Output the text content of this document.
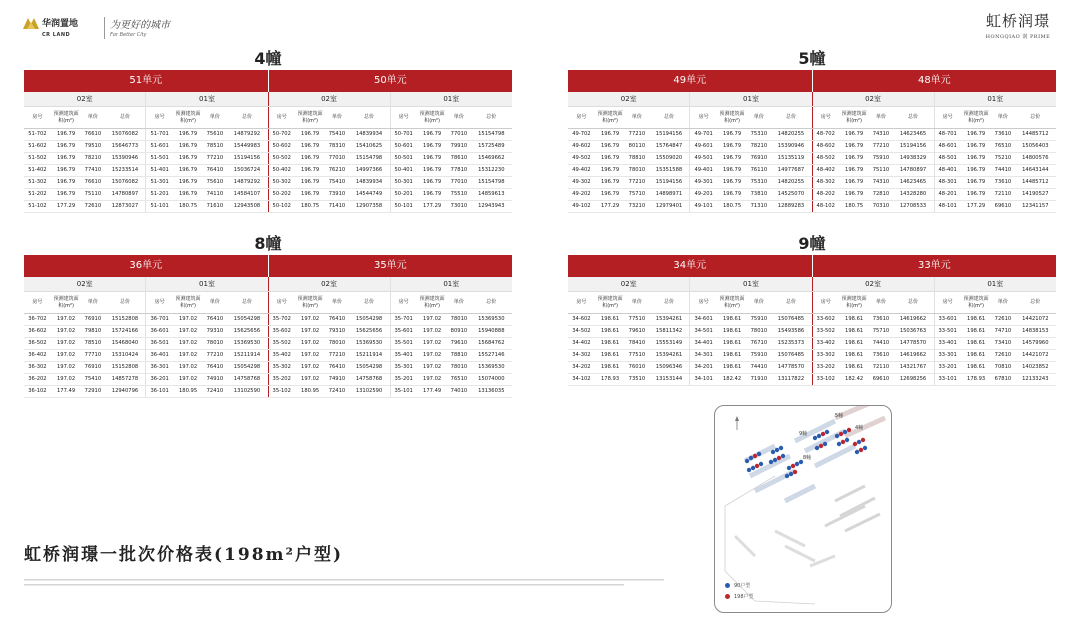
华润置地
CR LAND
为更好的城市
For Better City
虹桥润璟
HONGQIAO 润 PRIME
4幢
51单元								50单元							
02室				01室				02室				01室			
房号	预测建筑面积(m²)	单价	总价	房号	预测建筑面积(m²)	单价	总价	房号	预测建筑面积(m²)	单价	总价	房号	预测建筑面积(m²)	单价	总价
51-702	196.79	76610	15076082	51-701	196.79	75610	14879292	50-702	196.79	75410	14839934	50-701	196.79	77010	15154798
51-602	196.79	79510	15646773	51-601	196.79	78510	15449983	50-602	196.79	78310	15410625	50-601	196.79	79910	15725489
51-502	196.79	78210	15390946	51-501	196.79	77210	15194156	50-502	196.79	77010	15154798	50-501	196.79	78610	15469662
51-402	196.79	77410	15233514	51-401	196.79	76410	15036724	50-402	196.79	76210	14997366	50-401	196.79	77810	15312230
51-302	196.79	76610	15076082	51-301	196.79	75610	14879292	50-302	196.79	75410	14839934	50-301	196.79	77010	15154798
51-202	196.79	75110	14780897	51-201	196.79	74110	14584107	50-202	196.79	73910	14544749	50-201	196.79	75510	14859613
51-102	177.29	72610	12873027	51-101	180.75	71610	12943508	50-102	180.75	71410	12907358	50-101	177.29	73010	12943943
5幢
49单元								48单元							
02室				01室				02室				01室			
房号	预测建筑面积(m²)	单价	总价	房号	预测建筑面积(m²)	单价	总价	房号	预测建筑面积(m²)	单价	总价	房号	预测建筑面积(m²)	单价	总价
49-702	196.79	77210	15194156	49-701	196.79	75310	14820255	48-702	196.79	74310	14623465	48-701	196.79	73610	14485712
49-602	196.79	80110	15764847	49-601	196.79	78210	15390946	48-602	196.79	77210	15194156	48-601	196.79	76510	15056403
49-502	196.79	78810	15509020	49-501	196.79	76910	15135119	48-502	196.79	75910	14938329	48-501	196.79	75210	14800576
49-402	196.79	78010	15351588	49-401	196.79	76110	14977687	48-402	196.79	75110	14780897	48-401	196.79	74410	14643144
49-302	196.79	77210	15194156	49-301	196.79	75310	14820255	48-302	196.79	74310	14623465	48-301	196.79	73610	14485712
49-202	196.79	75710	14898971	49-201	196.79	73810	14525070	48-202	196.79	72810	14328280	48-201	196.79	72110	14190527
49-102	177.29	73210	12979401	49-101	180.75	71310	12889283	48-102	180.75	70310	12708533	48-101	177.29	69610	12341157
8幢
36单元								35单元							
02室				01室				02室				01室			
房号	预测建筑面积(m²)	单价	总价	房号	预测建筑面积(m²)	单价	总价	房号	预测建筑面积(m²)	单价	总价	房号	预测建筑面积(m²)	单价	总价
36-702	197.02	76910	15152808	36-701	197.02	76410	15054298	35-702	197.02	76410	15054298	35-701	197.02	78010	15369530
36-602	197.02	79810	15724166	36-601	197.02	79310	15625656	35-602	197.02	79310	15625656	35-601	197.02	80910	15940888
36-502	197.02	78510	15468040	36-501	197.02	78010	15369530	35-502	197.02	78010	15369530	35-501	197.02	79610	15684762
36-402	197.02	77710	15310424	36-401	197.02	77210	15211914	35-402	197.02	77210	15211914	35-401	197.02	78810	15527146
36-302	197.02	76910	15152808	36-301	197.02	76410	15054298	35-302	197.02	76410	15054298	35-301	197.02	78010	15369530
36-202	197.02	75410	14857278	36-201	197.02	74910	14758768	35-202	197.02	74910	14758768	35-201	197.02	76510	15074000
36-102	177.49	72910	12940796	36-101	180.95	72410	13102590	35-102	180.95	72410	13102590	35-101	177.49	74010	13136035
9幢
34单元								33单元							
02室				01室				02室				01室			
房号	预测建筑面积(m²)	单价	总价	房号	预测建筑面积(m²)	单价	总价	房号	预测建筑面积(m²)	单价	总价	房号	预测建筑面积(m²)	单价	总价
34-602	198.61	77510	15394261	34-601	198.61	75910	15076485	33-602	198.61	73610	14619662	33-601	198.61	72610	14421072
34-502	198.61	79610	15811342	34-501	198.61	78010	15493586	33-502	198.61	75710	15036763	33-501	198.61	74710	14838153
34-402	198.61	78410	15553149	34-401	198.61	76710	15235373	33-402	198.61	74410	14778570	33-401	198.61	73410	14579960
34-302	198.61	77510	15394261	34-301	198.61	75910	15076485	33-302	198.61	73610	14619662	33-301	198.61	72610	14421072
34-202	198.61	76010	15096346	34-201	198.61	74410	14778570	33-202	198.61	72110	14321767	33-201	198.61	70810	14023852
34-102	178.93	73510	13153144	34-101	182.42	71910	13117822	33-102	182.42	69610	12698256	33-101	178.93	67810	12133243
虹桥润璟一批次价格表(198m²户型)
5幢
4幢
9幢
8幢
90户型
198户型
